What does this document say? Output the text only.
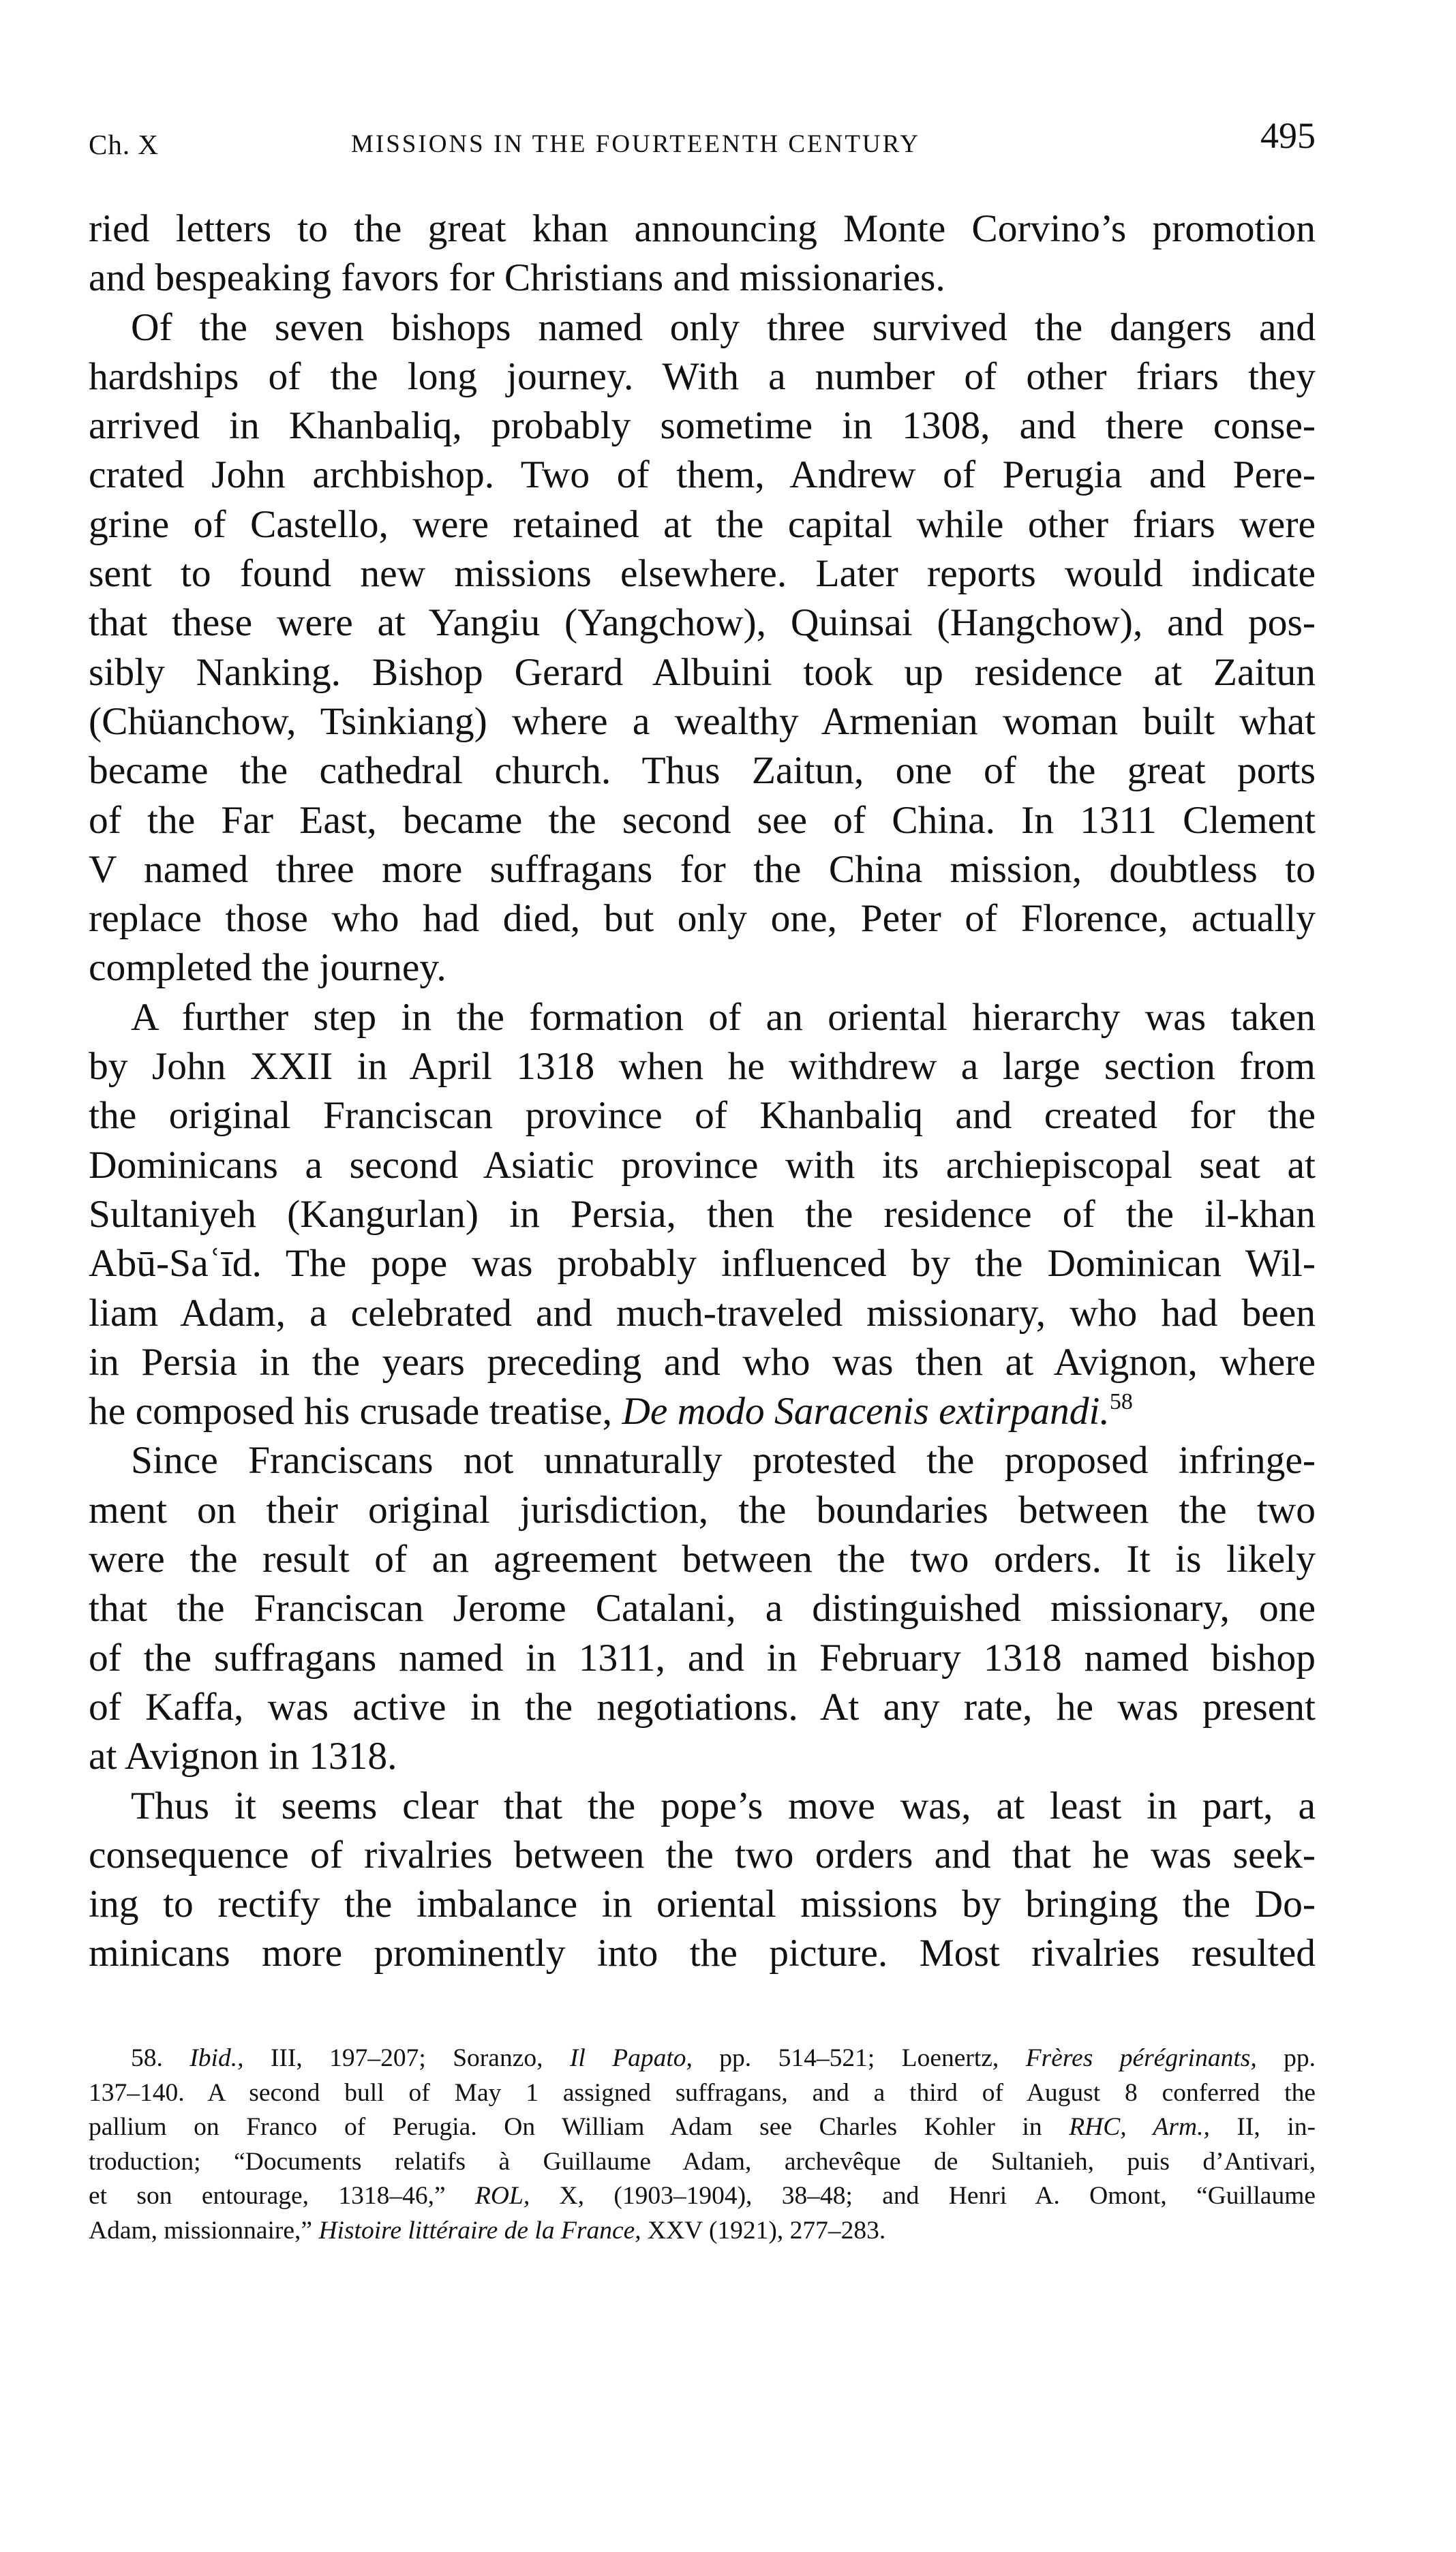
Ch. X	MISSIONS IN THE FOURTEENTH CENTURY	495
ried letters to the great khan announcing Monte Corvino’s promotion
and bespeaking favors for Christians and missionaries.
Of the seven bishops named only three survived the dangers and
hardships of the long journey. With a number of other friars they
arrived in Khanbaliq, probably sometime in 1308, and there conse-
crated John archbishop. Two of them, Andrew of Perugia and Pere-
grine of Castello, were retained at the capital while other friars were
sent to found new missions elsewhere. Later reports would indicate
that these were at Yangiu (Yangchow), Quinsai (Hangchow), and pos-
sibly Nanking. Bishop Gerard Albuini took up residence at Zaitun
(Chüanchow, Tsinkiang) where a wealthy Armenian woman built what
became the cathedral church. Thus Zaitun, one of the great ports
of the Far East, became the second see of China. In 1311 Clement
V named three more suffragans for the China mission, doubtless to
replace those who had died, but only one, Peter of Florence, actually
completed the journey.
A further step in the formation of an oriental hierarchy was taken
by John XXII in April 1318 when he withdrew a large section from
the original Franciscan province of Khanbaliq and created for the
Dominicans a second Asiatic province with its archiepiscopal seat at
Sultaniyeh (Kangurlan) in Persia, then the residence of the il-khan
Abū-Saʿīd. The pope was probably influenced by the Dominican Wil-
liam Adam, a celebrated and much-traveled missionary, who had been
in Persia in the years preceding and who was then at Avignon, where
he composed his crusade treatise, De modo Saracenis extirpandi.$^{58}$
Since Franciscans not unnaturally protested the proposed infringe-
ment on their original jurisdiction, the boundaries between the two
were the result of an agreement between the two orders. It is likely
that the Franciscan Jerome Catalani, a distinguished missionary, one
of the suffragans named in 1311, and in February 1318 named bishop
of Kaffa, was active in the negotiations. At any rate, he was present
at Avignon in 1318.
Thus it seems clear that the pope’s move was, at least in part, a
consequence of rivalries between the two orders and that he was seek-
ing to rectify the imbalance in oriental missions by bringing the Do-
minicans more prominently into the picture. Most rivalries resulted
58. Ibid., III, 197–207; Soranzo, Il Papato, pp. 514–521; Loenertz, Frères pérégrinants, pp.
137–140. A second bull of May 1 assigned suffragans, and a third of August 8 conferred the
pallium on Franco of Perugia. On William Adam see Charles Kohler in RHC, Arm., II, in-
troduction; “Documents relatifs à Guillaume Adam, archevêque de Sultanieh, puis d’Antivari,
et son entourage, 1318–46,” ROL, X, (1903–1904), 38–48; and Henri A. Omont, “Guillaume
Adam, missionnaire,” Histoire littéraire de la France, XXV (1921), 277–283.
